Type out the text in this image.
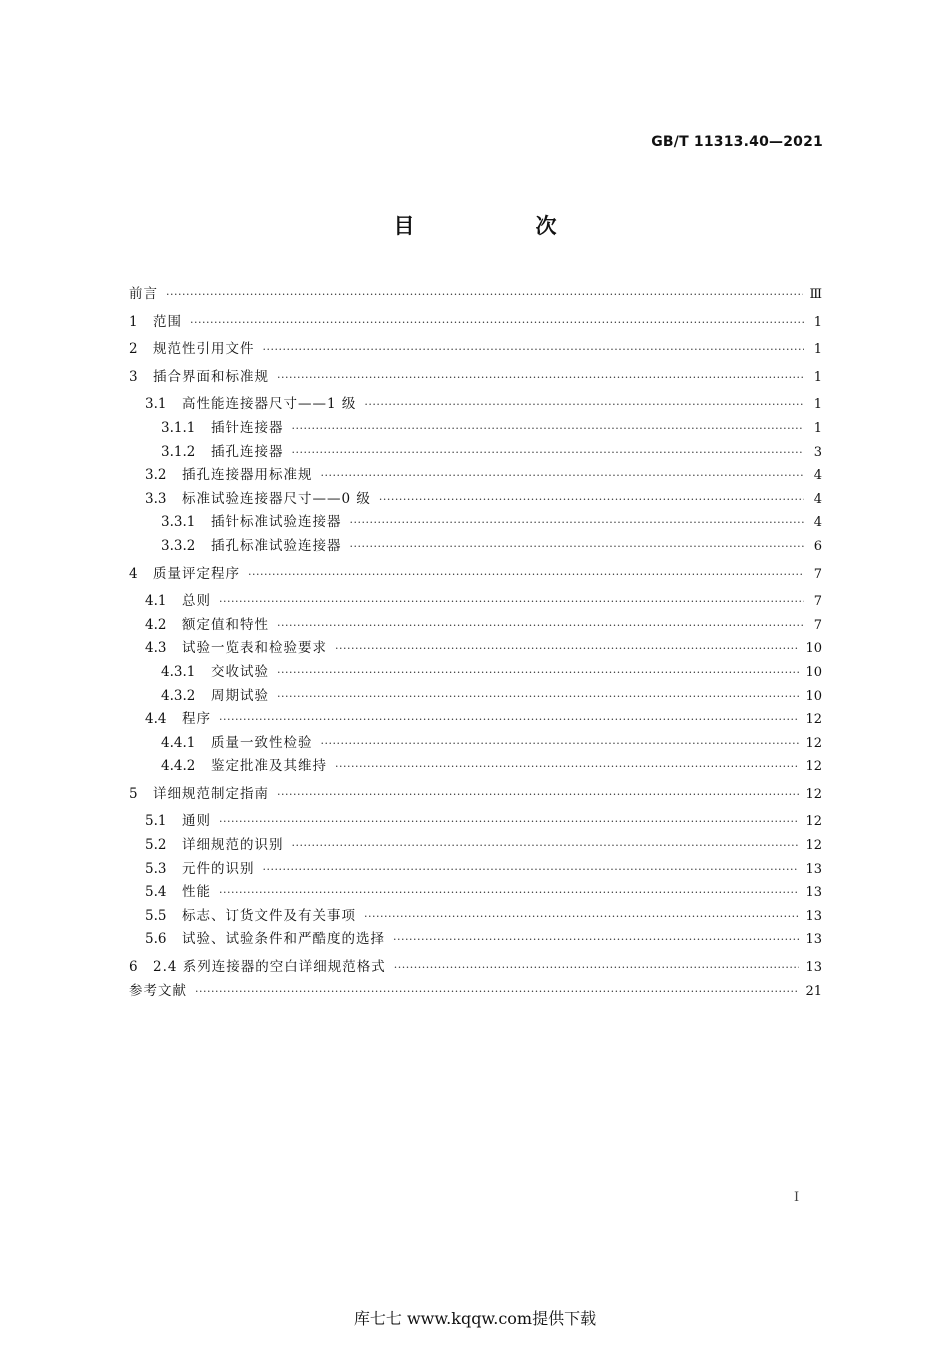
GB/T 11313.40—2021
目　次
前言 ·····	Ⅲ
1	范围 ·····	1
2	规范性引用文件 ·····	1
3	插合界面和标准规 ·····	1
3.1	高性能连接器尺寸——1 级 ·····	1
3.1.1	插针连接器 ·····	1
3.1.2	插孔连接器 ·····	3
3.2	插孔连接器用标准规 ·····	4
3.3	标准试验连接器尺寸——0 级 ·····	4
3.3.1	插针标准试验连接器 ·····	4
3.3.2	插孔标准试验连接器 ·····	6
4	质量评定程序 ·····	7
4.1	总则 ·····	7
4.2	额定值和特性 ·····	7
4.3	试验一览表和检验要求 ·····	10
4.3.1	交收试验 ·····	10
4.3.2	周期试验 ·····	10
4.4	程序 ·····	12
4.4.1	质量一致性检验 ·····	12
4.4.2	鉴定批准及其维持 ·····	12
5	详细规范制定指南 ·····	12
5.1	通则 ·····	12
5.2	详细规范的识别 ·····	12
5.3	元件的识别 ·····	13
5.4	性能 ·····	13
5.5	标志、订货文件及有关事项 ·····	13
5.6	试验、试验条件和严酷度的选择 ·····	13
6	2.4 系列连接器的空白详细规范格式 ·····	13
参考文献 ·····	21
I
库七七 www.kqqw.com提供下载
